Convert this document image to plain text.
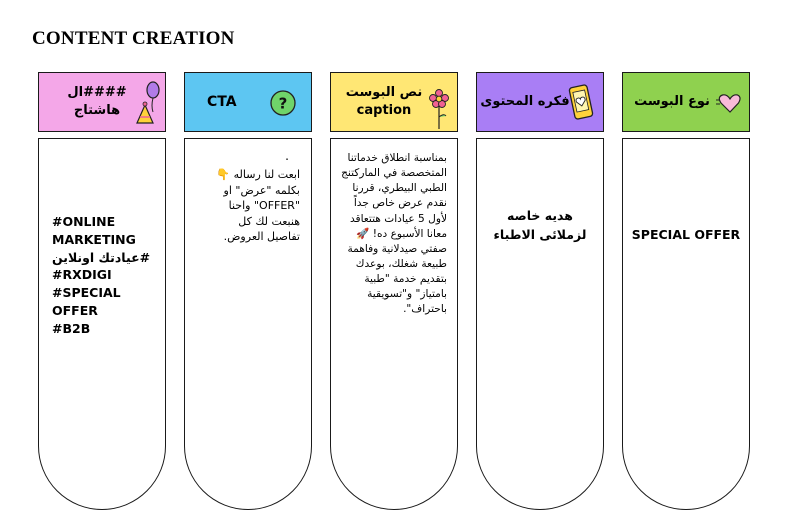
CONTENT CREATION
ال####
هاشتاج
#ONLINE
MARKETING
عيادتك اونلاين#
#RXDIGI
#SPECIAL OFFER
#B2B
CTA	?
.
ابعت لنا رساله 👇
بكلمه "عرض" او
"OFFER" واحنا
هنبعت لك كل
تفاصيل العروض.
نص البوست
caption
بمناسبة انطلاق خدماتنا
المتخصصة في الماركتنج
الطبي البيطري، قررنا
نقدم عرض خاص جداً
لأول 5 عيادات هتتعاقد
معانا الأسبوع ده! 🚀
صفتي صيدلانية وفاهمة
طبيعة شغلك، بوعدك
بتقديم خدمة "طبية
بامتياز" و"تسويقية
باحتراف".
فكره المحتوى
هديه خاصه
لزملائى الاطباء
نوع البوست
SPECIAL OFFER
